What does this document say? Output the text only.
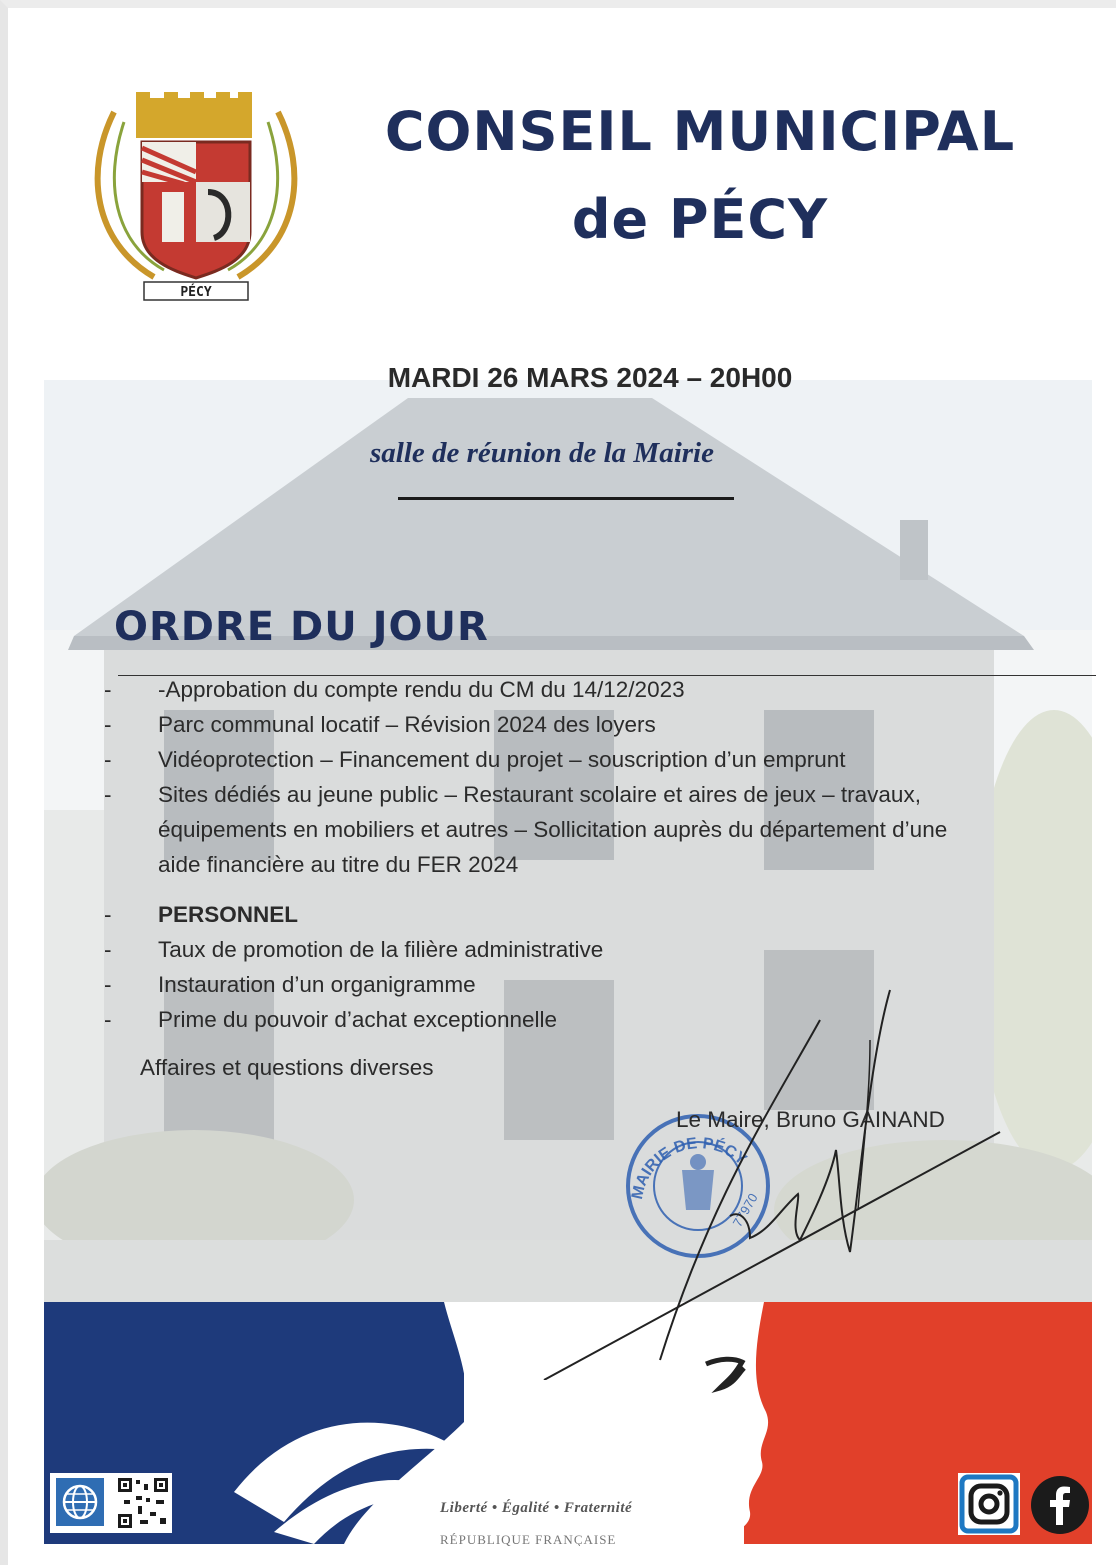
PÉCY
CONSEIL MUNICIPAL
de PÉCY
MARDI 26 MARS 2024 – 20H00
salle de réunion de la Mairie
ORDRE DU JOUR
-	-Approbation du compte rendu du CM du 14/12/2023
-	Parc communal locatif – Révision 2024 des loyers
-	Vidéoprotection – Financement du projet – souscription d’un emprunt
-	Sites dédiés au jeune public – Restaurant scolaire et aires de jeux – travaux, équipements en mobiliers et autres – Sollicitation auprès du département d’une aide financière au titre du FER 2024
-	PERSONNEL
-	Taux de promotion de la filière administrative
-	Instauration d’un organigramme
-	Prime du pouvoir d’achat exceptionnelle
Affaires et questions diverses
MAIRIE DE PÉCY
77970
Le Maire, Bruno GAINAND
Liberté • Égalité • Fraternité
RÉPUBLIQUE FRANÇAISE
